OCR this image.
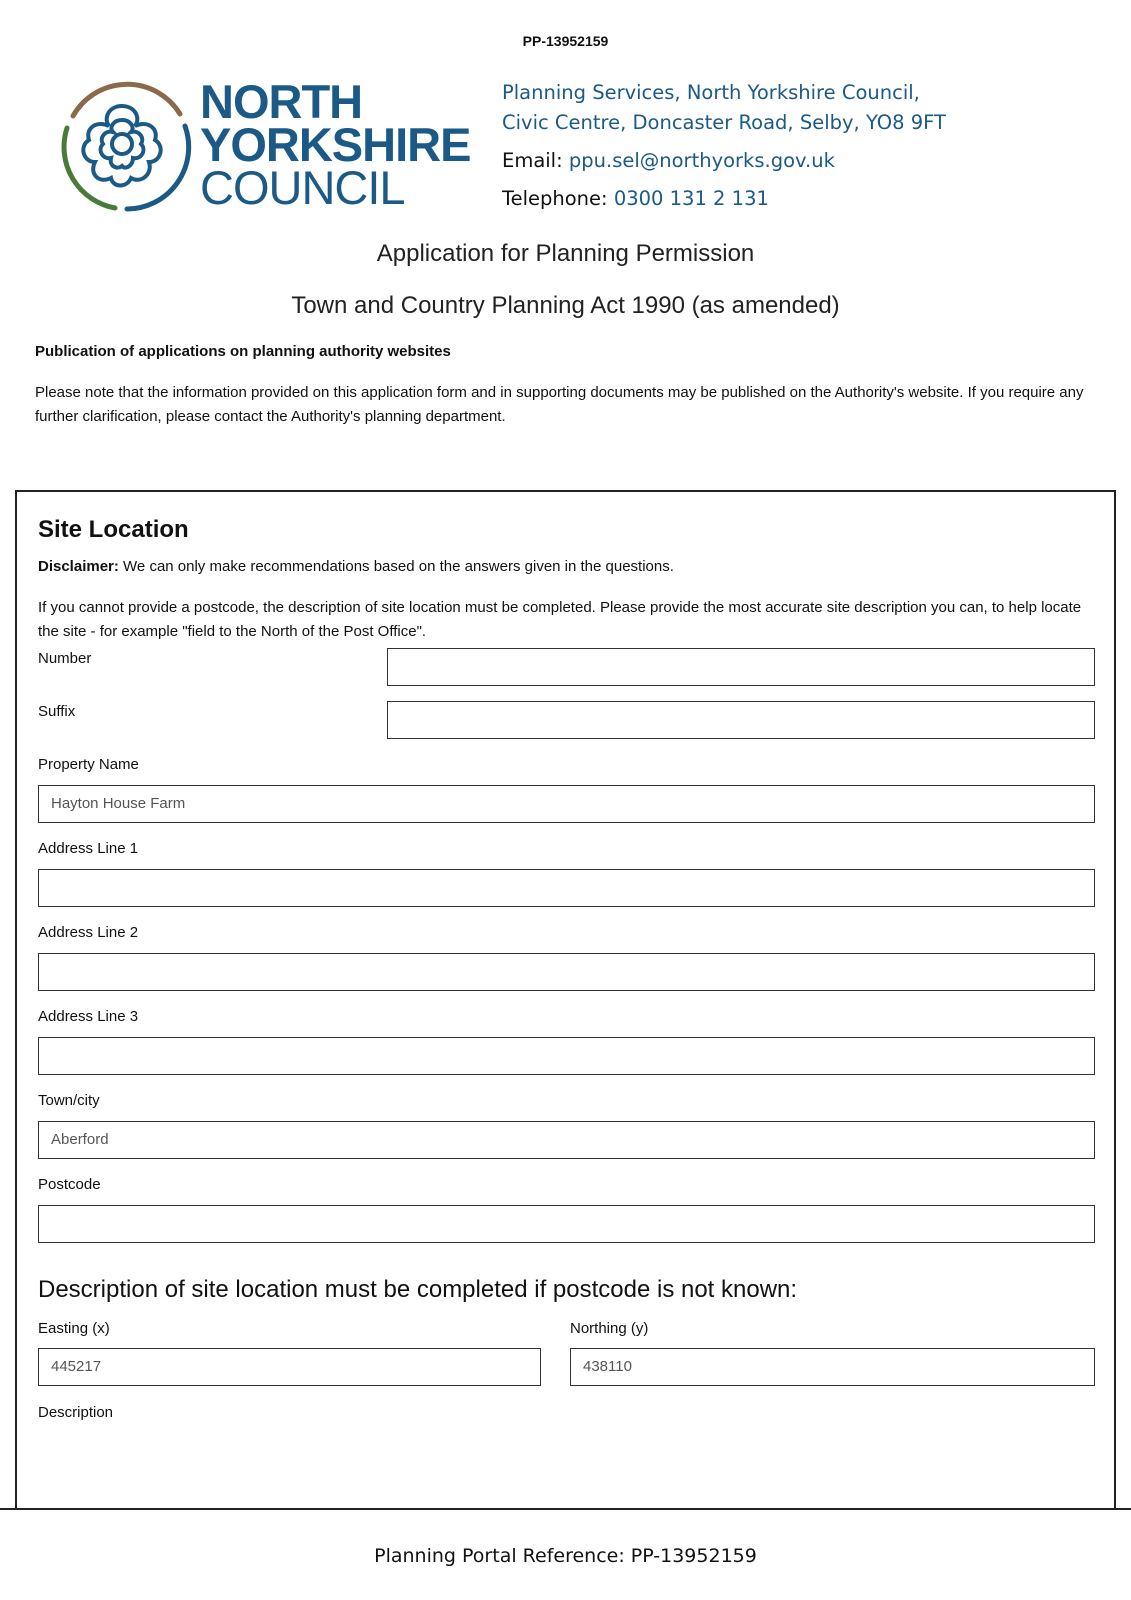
PP-13952159
NORTH
YORKSHIRE
COUNCIL
Planning Services, North Yorkshire Council,
Civic Centre, Doncaster Road, Selby, YO8 9FT
Email: ppu.sel@northyorks.gov.uk
Telephone: 0300 131 2 131
Application for Planning Permission
Town and Country Planning Act 1990 (as amended)
Publication of applications on planning authority websites
Please note that the information provided on this application form and in supporting documents may be published on the Authority's website. If you require any further clarification, please contact the Authority's planning department.
Site Location
Disclaimer: We can only make recommendations based on the answers given in the questions.
If you cannot provide a postcode, the description of site location must be completed. Please provide the most accurate site description you can, to help locate the site - for example "field to the North of the Post Office".
Number
Suffix
Property Name
Hayton House Farm
Address Line 1
Address Line 2
Address Line 3
Town/city
Aberford
Postcode
Description of site location must be completed if postcode is not known:
Easting (x)
445217
Northing (y)
438110
Description
Planning Portal Reference: PP-13952159
